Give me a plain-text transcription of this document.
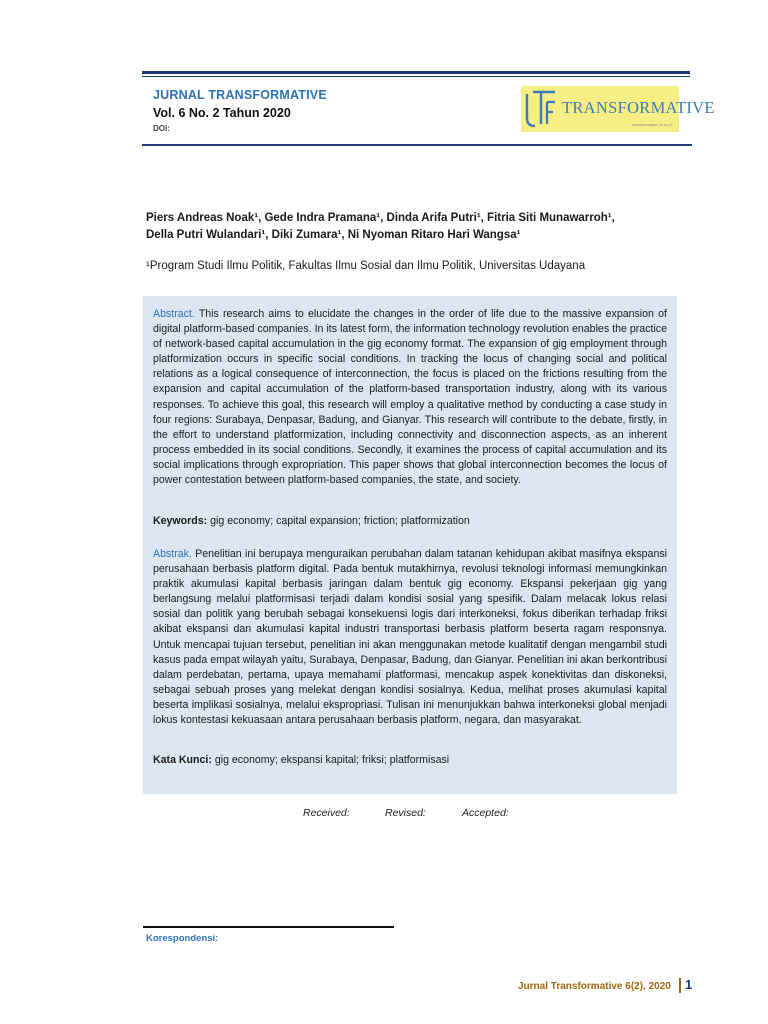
JURNAL TRANSFORMATIVE
Vol. 6 No. 2 Tahun 2020
DOI:
TRANSFORMATIVE
transformative.ub.ac.id
Piers Andreas Noak¹, Gede Indra Pramana¹, Dinda Arifa Putri¹, Fitria Siti Munawarroh¹,
Della Putri Wulandari¹, Diki Zumara¹, Ni Nyoman Ritaro Hari Wangsa¹
¹Program Studi Ilmu Politik, Fakultas Ilmu Sosial dan Ilmu Politik, Universitas Udayana
Abstract. This research aims to elucidate the changes in the order of life due to the massive expansion of digital platform-based companies. In its latest form, the information technology revolution enables the practice of network-based capital accumulation in the gig economy format. The expansion of gig employment through platformization occurs in specific social conditions. In tracking the locus of changing social and political relations as a logical consequence of interconnection, the focus is placed on the frictions resulting from the expansion and capital accumulation of the platform-based transportation industry, along with its various responses. To achieve this goal, this research will employ a qualitative method by conducting a case study in four regions: Surabaya, Denpasar, Badung, and Gianyar. This research will contribute to the debate, firstly, in the effort to understand platformization, including connectivity and disconnection aspects, as an inherent process embedded in its social conditions. Secondly, it examines the process of capital accumulation and its social implications through expropriation. This paper shows that global interconnection becomes the locus of power contestation between platform-based companies, the state, and society.
Keywords: gig economy; capital expansion; friction; platformization
Abstrak. Penelitian ini berupaya menguraikan perubahan dalam tatanan kehidupan akibat masifnya ekspansi perusahaan berbasis platform digital. Pada bentuk mutakhirnya, revolusi teknologi informasi memungkinkan praktik akumulasi kapital berbasis jaringan dalam bentuk gig economy. Ekspansi pekerjaan gig yang berlangsung melalui platformisasi terjadi dalam kondisi sosial yang spesifik. Dalam melacak lokus relasi sosial dan politik yang berubah sebagai konsekuensi logis dari interkoneksi, fokus diberikan terhadap friksi akibat ekspansi dan akumulasi kapital industri transportasi berbasis platform beserta ragam responsnya. Untuk mencapai tujuan tersebut, penelitian ini akan menggunakan metode kualitatif dengan mengambil studi kasus pada empat wilayah yaitu, Surabaya, Denpasar, Badung, dan Gianyar. Penelitian ini akan berkontribusi dalam perdebatan, pertama, upaya memahami platformasi, mencakup aspek konektivitas dan diskoneksi, sebagai sebuah proses yang melekat dengan kondisi sosialnya. Kedua, melihat proses akumulasi kapital beserta implikasi sosialnya, melalui ekspropriasi. Tulisan ini menunjukkan bahwa interkoneksi global menjadi lokus kontestasi kekuasaan antara perusahaan berbasis platform, negara, dan masyarakat.
Kata Kunci: gig economy; ekspansi kapital; friksi; platformisasi
Received:	Revised:	Accepted:
Korespondensi:
Jurnal Transformative 6(2), 2020 1
